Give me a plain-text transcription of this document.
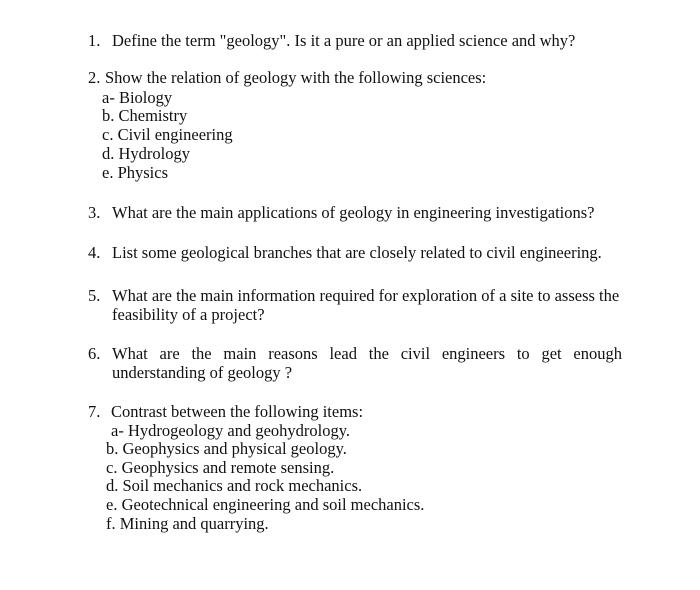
1. Define the term "geology". Is it a pure or an applied science and why?
2. Show the relation of geology with the following sciences:
a- Biology
b. Chemistry
c. Civil engineering
d. Hydrology
e. Physics
3. What are the main applications of geology in engineering investigations?
4. List some geological branches that are closely related to civil engineering.
5. What are the main information required for exploration of a site to assess the
feasibility of a project?
6. What are the main reasons lead the civil engineers to get enough
understanding of geology ?
7. Contrast between the following items:
a- Hydrogeology and geohydrology.
b. Geophysics and physical geology.
c. Geophysics and remote sensing.
d. Soil mechanics and rock mechanics.
e. Geotechnical engineering and soil mechanics.
f. Mining and quarrying.
